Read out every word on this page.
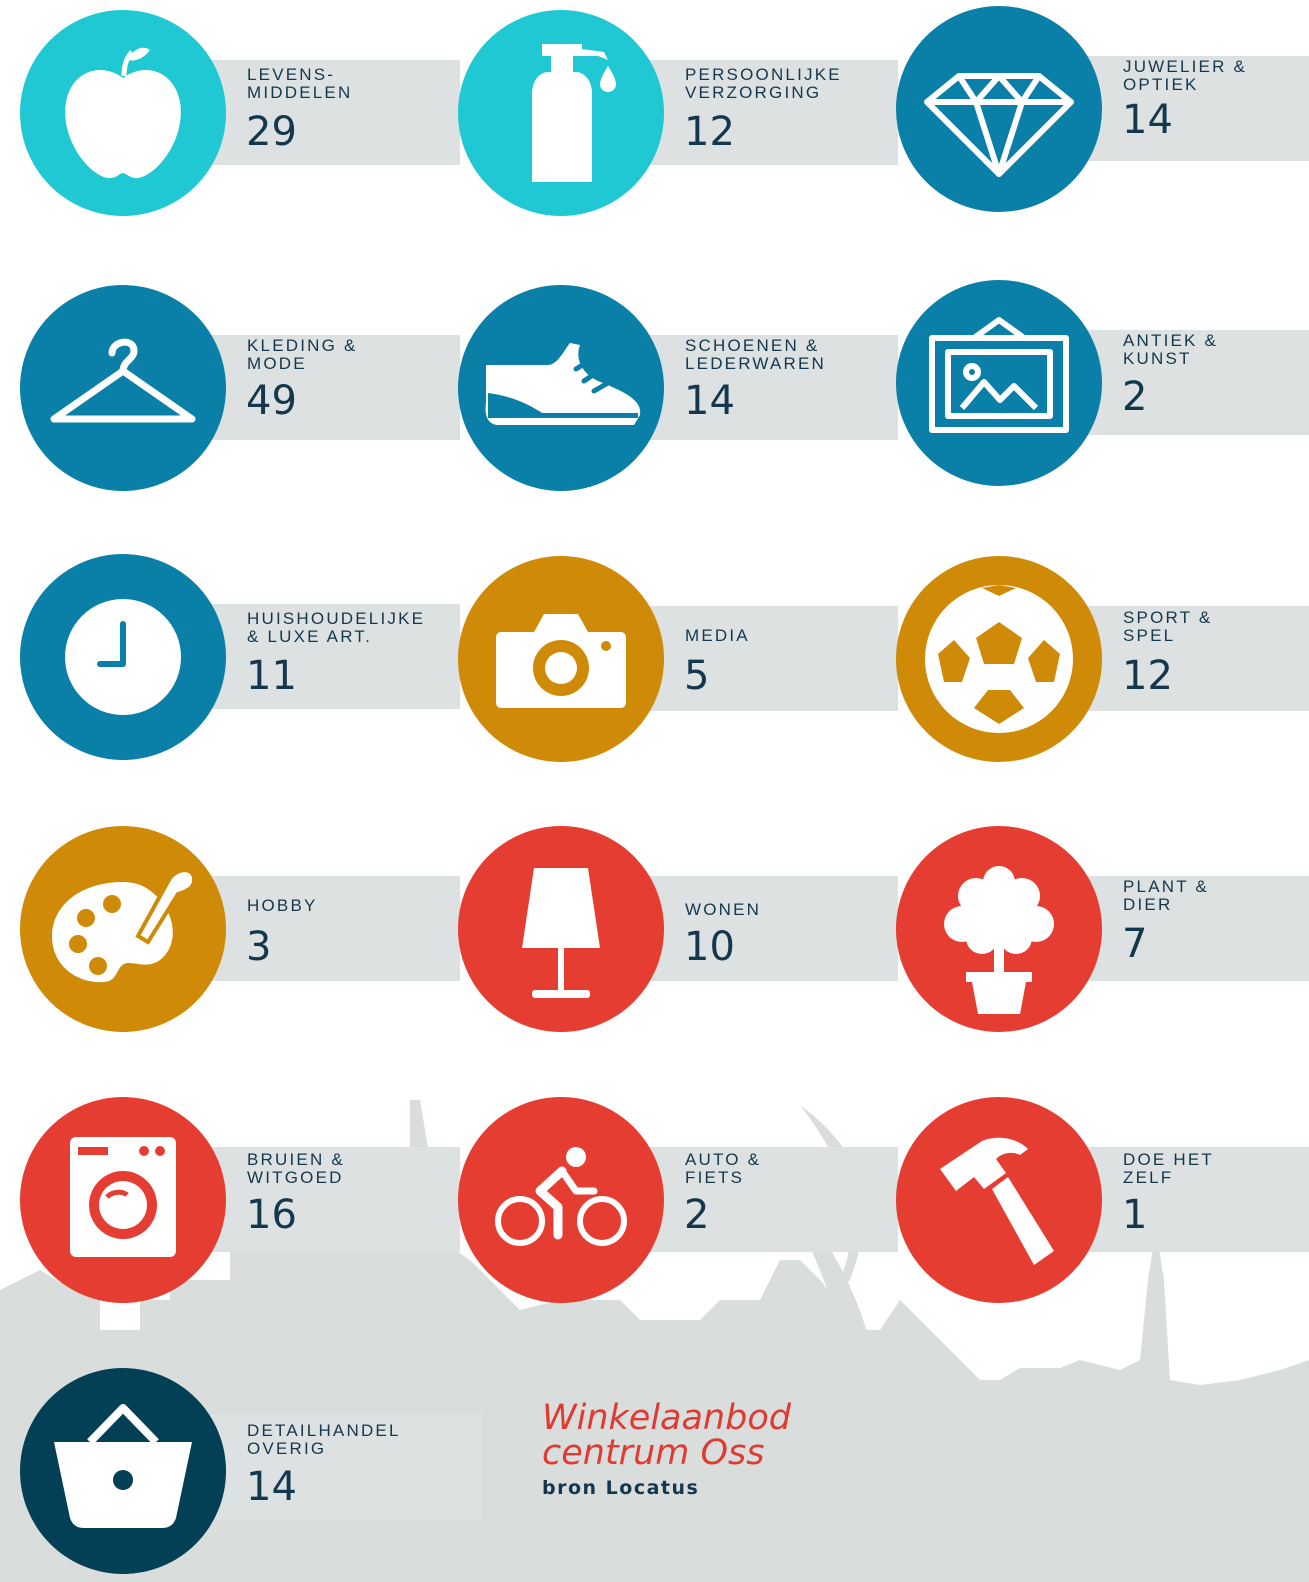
LEVENS-
MIDDELEN
29
PERSOONLIJKE
VERZORGING
12
JUWELIER &
OPTIEK
14
KLEDING &
MODE
49
SCHOENEN &
LEDERWAREN
14
ANTIEK &
KUNST
2
HUISHOUDELIJKE
& LUXE ART.
11
MEDIA
5
SPORT &
SPEL
12
HOBBY
3
WONEN
10
PLANT &
DIER
7
BRUIEN &
WITGOED
16
AUTO &
FIETS
2
DOE HET
ZELF
1
DETAILHANDEL
OVERIG
14
Winkelaanbod
centrum Oss
bron Locatus
